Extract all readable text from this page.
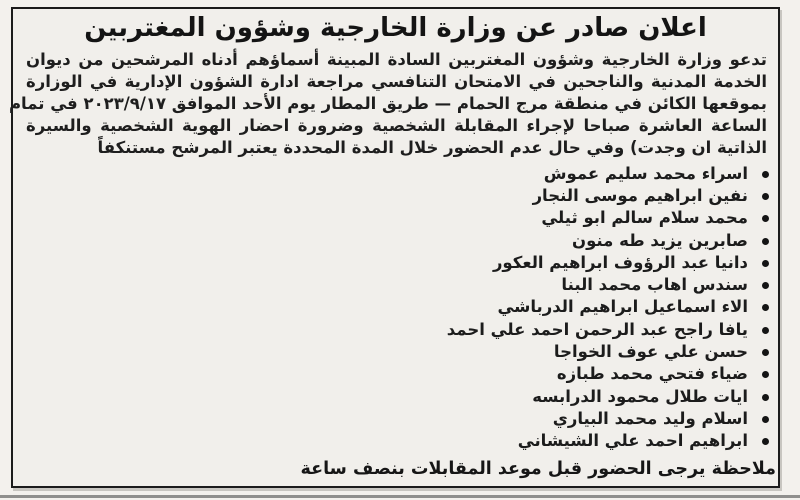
اعلان صادر عن وزارة الخارجية وشؤون المغتربين
تدعو وزارة الخارجية وشؤون المغتربين السادة المبينة أسماؤهم أدناه المرشحين من ديوان
الخدمة المدنية والناجحين في الامتحان التنافسي مراجعة ادارة الشؤون الإدارية في الوزارة
بموقعها الكائن في منطقة مرج الحمام — طريق المطار يوم الأحد الموافق ٢٠٢٣/٩/١٧ في تمام
الساعة العاشرة صباحا لإجراء المقابلة الشخصية وضرورة احضار الهوية الشخصية والسيرة
الذاتية ان وجدت) وفي حال عدم الحضور خلال المدة المحددة يعتبر المرشح مستنكفاً
اسراء محمد سليم عموش
نفين ابراهيم موسى النجار
محمد سلام سالم ابو ثيلي
صابرين يزيد طه منون
دانيا عبد الرؤوف ابراهيم العكور
سندس اهاب محمد البنا
الاء اسماعيل ابراهيم الدرباشي
يافا راجح عبد الرحمن احمد علي احمد
حسن علي عوف الخواجا
ضياء فتحي محمد طبازه
ايات طلال محمود الدرابسه
اسلام وليد محمد البياري
ابراهيم احمد علي الشيشاني
ملاحظة يرجى الحضور قبل موعد المقابلات بنصف ساعة
